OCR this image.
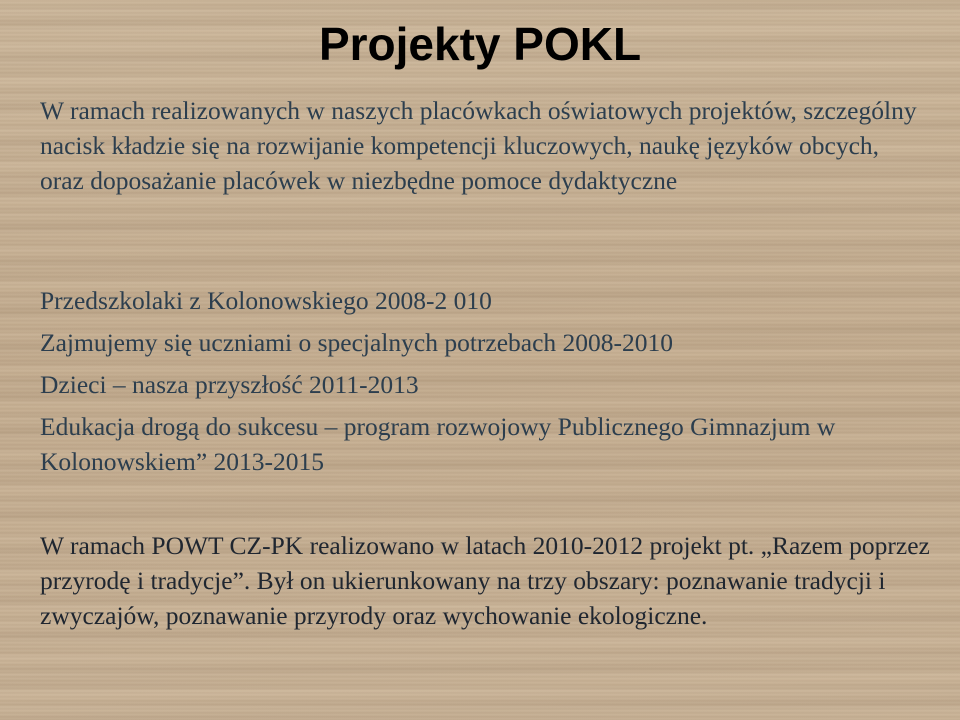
Projekty POKL

W ramach realizowanych w naszych placówkach oświatowych projektów, szczególny nacisk kładzie się na rozwijanie kompetencji kluczowych, naukę języków obcych, oraz doposażanie placówek w niezbędne pomoce dydaktyczne

Przedszkolaki z Kolonowskiego 2008-2 010

Zajmujemy się uczniami o specjalnych potrzebach 2008-2010

Dzieci – nasza przyszłość 2011-2013

Edukacja drogą do sukcesu – program rozwojowy Publicznego Gimnazjum w Kolonowskiem” 2013-2015

W ramach POWT CZ-PK realizowano w latach 2010-2012 projekt pt. „Razem poprzez przyrodę i tradycje”. Był on ukierunkowany na trzy obszary: poznawanie tradycji i zwyczajów, poznawanie przyrody oraz wychowanie ekologiczne.
